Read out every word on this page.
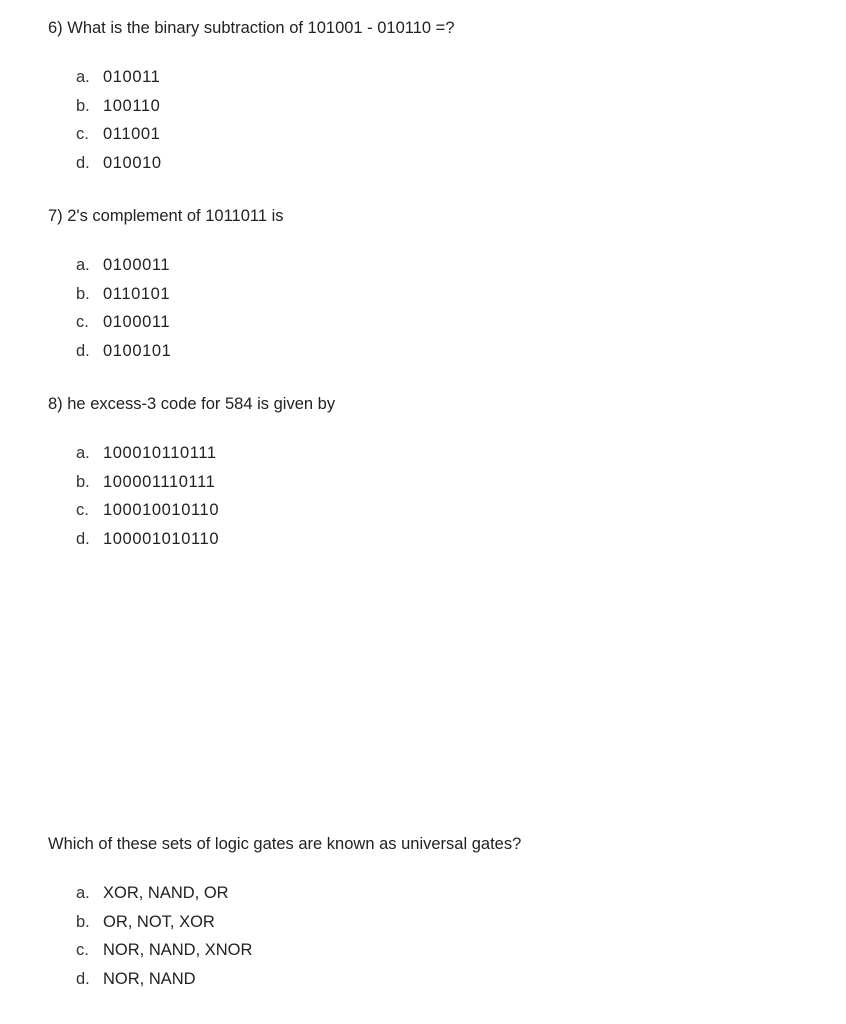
6) What is the binary subtraction of 101001 - 010110 =?

a. 010011
b. 100110
c. 011001
d. 010010

7) 2's complement of 1011011 is

a. 0100011
b. 0110101
c. 0100011
d. 0100101

8) he excess-3 code for 584 is given by

a. 100010110111
b. 100001110111
c. 100010010110
d. 100001010110

Which of these sets of logic gates are known as universal gates?

a. XOR, NAND, OR
b. OR, NOT, XOR
c. NOR, NAND, XNOR
d. NOR, NAND
